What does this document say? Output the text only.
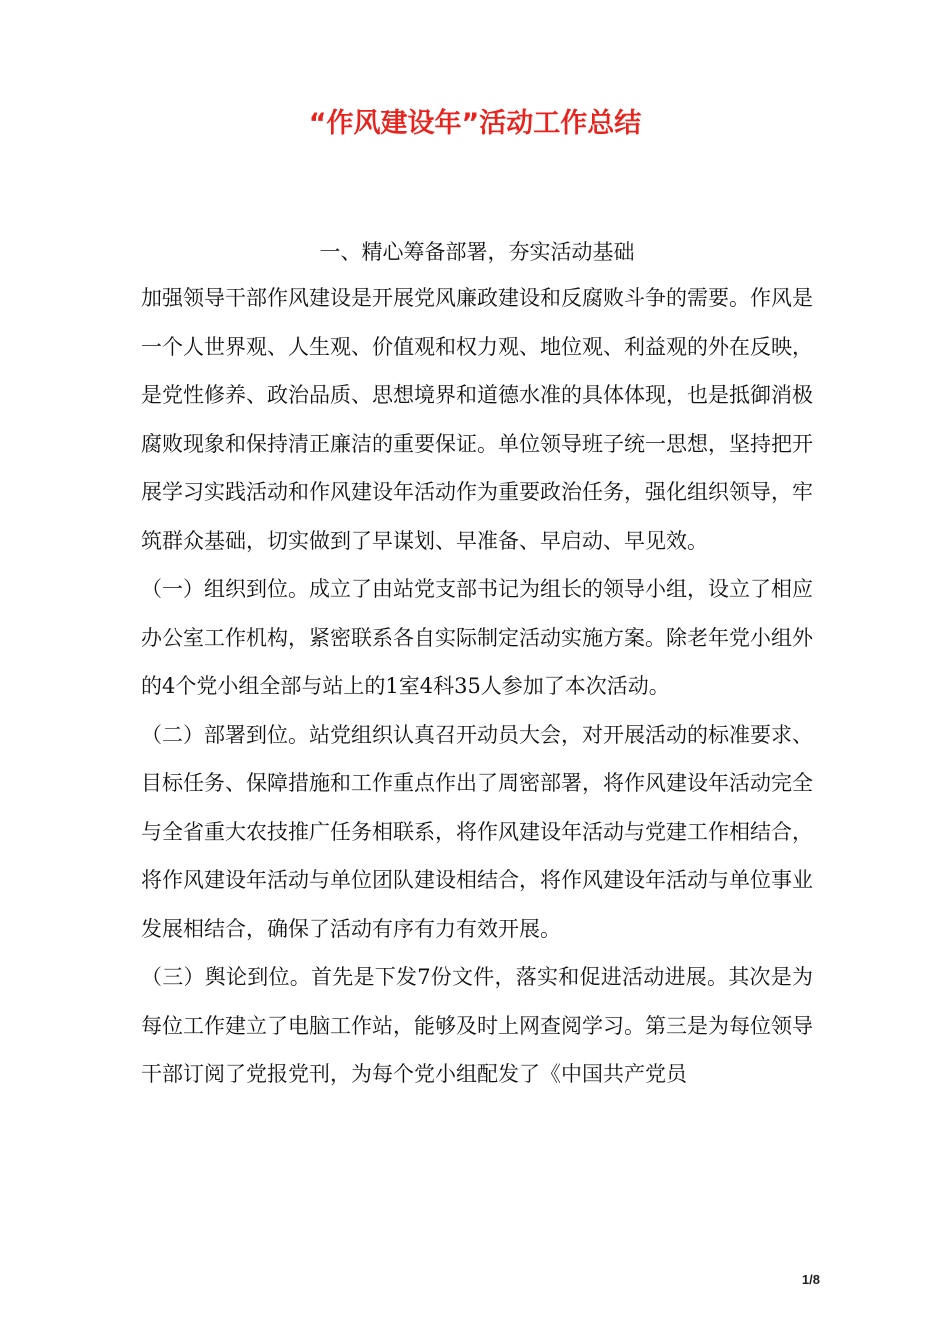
“作风建设年”活动工作总结

一、精心筹备部署，夯实活动基础

加强领导干部作风建设是开展党风廉政建设和反腐败斗争的需要。作风是一个人世界观、人生观、价值观和权力观、地位观、利益观的外在反映，是党性修养、政治品质、思想境界和道德水准的具体体现，也是抵御消极腐败现象和保持清正廉洁的重要保证。单位领导班子统一思想，坚持把开展学习实践活动和作风建设年活动作为重要政治任务，强化组织领导，牢筑群众基础，切实做到了早谋划、早准备、早启动、早见效。

（一）组织到位。成立了由站党支部书记为组长的领导小组，设立了相应办公室工作机构，紧密联系各自实际制定活动实施方案。除老年党小组外的4个党小组全部与站上的1室4科35人参加了本次活动。

（二）部署到位。站党组织认真召开动员大会，对开展活动的标准要求、目标任务、保障措施和工作重点作出了周密部署，将作风建设年活动完全与全省重大农技推广任务相联系，将作风建设年活动与党建工作相结合，将作风建设年活动与单位团队建设相结合，将作风建设年活动与单位事业发展相结合，确保了活动有序有力有效开展。

（三）舆论到位。首先是下发7份文件，落实和促进活动进展。其次是为每位工作建立了电脑工作站，能够及时上网查阅学习。第三是为每位领导干部订阅了党报党刊，为每个党小组配发了《中国共产党员

1/8
